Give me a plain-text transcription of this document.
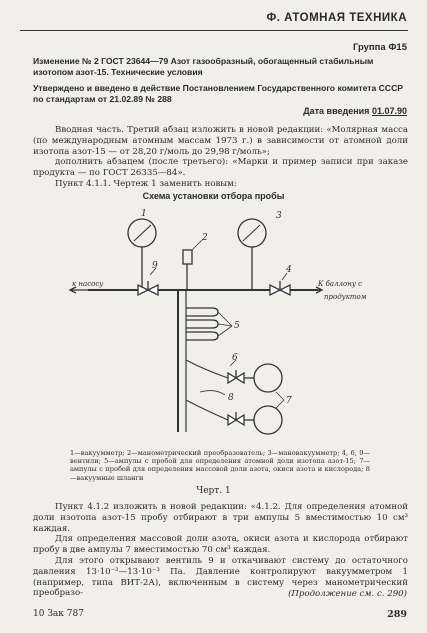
Ф. АТОМНАЯ ТЕХНИКА
Группа Ф15
Изменение № 2 ГОСТ 23644—79 Азот газообразный, обогащенный стабильным изотопом азот-15. Технические условия
Утверждено и введено в действие Постановлением Государственного комитета СССР по стандартам от 21.02.89 № 288
Дата введения 01.07.90
Вводная часть. Третий абзац изложить в новой редакции: «Молярная масса (по международным атомным массам 1973 г.) в зависимости от атомной доли изотопа азот-15 — от 28,20 г/моль до 29,98 г/моль»;
дополнить абзацем (после третьего): «Марки и пример записи при заказе продукта — по ГОСТ 26335—84».
Пункт 4.1.1. Чертеж 1 заменить новым:
Схема установки отбора пробы
1
2
3
4
5
6
7
8
9
к насосу	К баллону с
продуктом
1—вакуумметр; 2—манометрический преобразователь; 3—мановакуумметр; 4, 6, 9—вентили; 5—ампулы с пробой для определения атомной доли изотопа азот-15; 7—ампулы с пробой для определения массовой доли азота, окиси азота и кислорода; 8—вакуумные шланги
Черт. 1
Пункт 4.1.2 изложить в новой редакции: «4.1.2. Для определения атомной доли изотопа азот-15 пробу отбирают в три ампулы 5 вместимостью 10 см³ каждая.
Для определения массовой доли азота, окиси азота и кислорода отбирают пробу в две ампулы 7 вместимостью 70 см³ каждая.
Для этого открывают вентиль 9 и откачивают систему до остаточного давления 13·10⁻²—13·10⁻³ Па. Давление контролируют вакуумметром 1 (например, типа ВИТ-2А), включенным в систему через манометрический преобразо-	(Продолжение см. с. 290)
10 Зак 787	289
